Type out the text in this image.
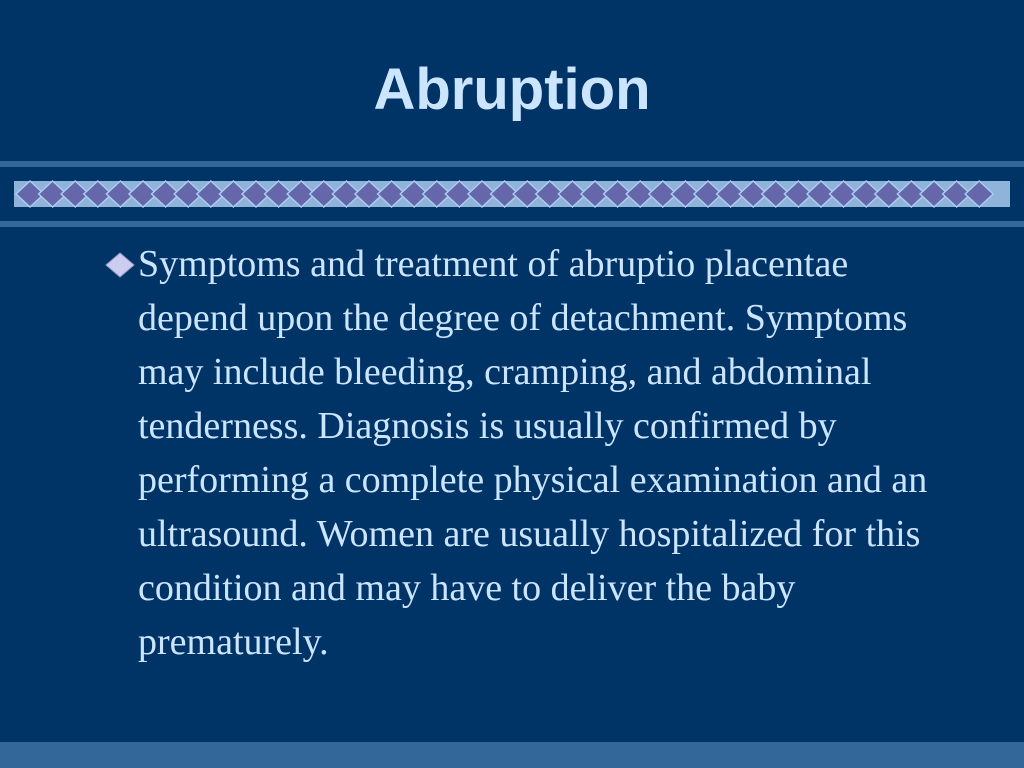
Abruption

Symptoms and treatment of abruptio placentae depend upon the degree of detachment. Symptoms may include bleeding, cramping, and abdominal tenderness. Diagnosis is usually confirmed by performing a complete physical examination and an ultrasound. Women are usually hospitalized for this condition and may have to deliver the baby prematurely.
